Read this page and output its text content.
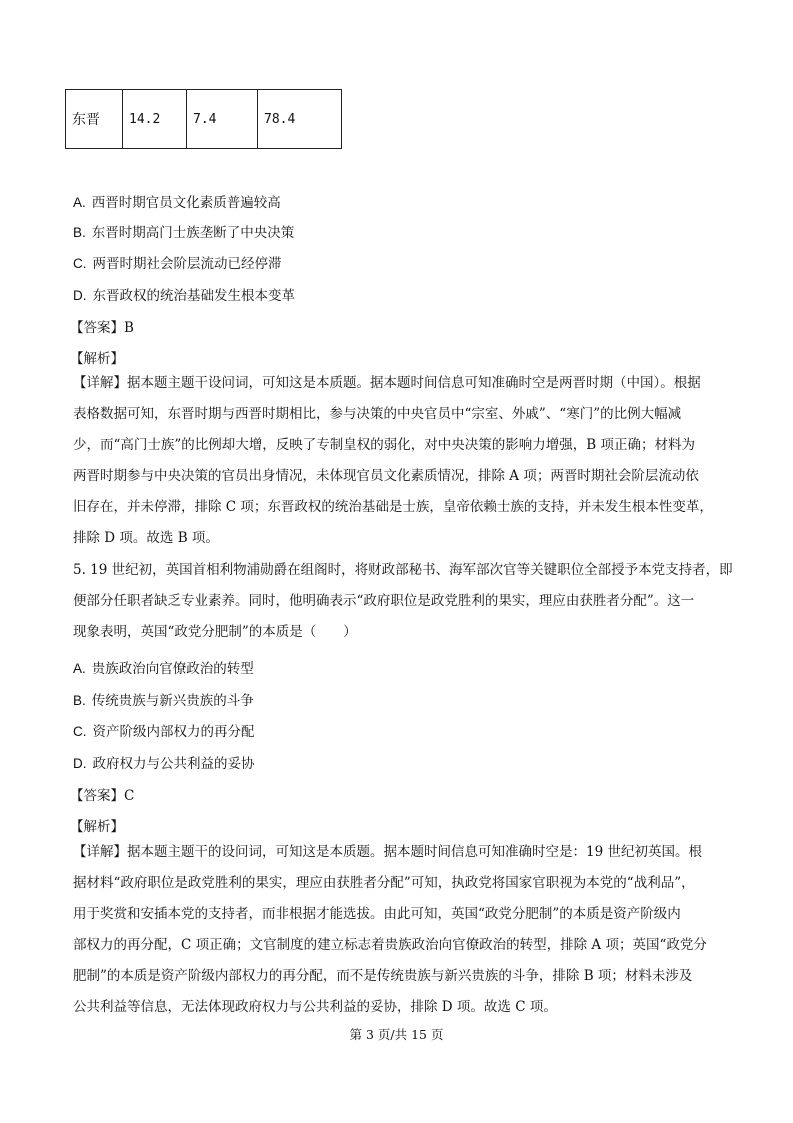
东晋	14.2	7.4	78.4
A. 西晋时期官员文化素质普遍较高
B. 东晋时期高门士族垄断了中央决策
C. 两晋时期社会阶层流动已经停滞
D. 东晋政权的统治基础发生根本变革
【答案】B
【解析】
【详解】据本题主题干设问词，可知这是本质题。据本题时间信息可知准确时空是两晋时期（中国）。根据
表格数据可知，东晋时期与西晋时期相比，参与决策的中央官员中“宗室、外戚”、“寒门”的比例大幅减
少，而“高门士族”的比例却大增，反映了专制皇权的弱化，对中央决策的影响力增强，B 项正确；材料为
两晋时期参与中央决策的官员出身情况，未体现官员文化素质情况，排除 A 项；两晋时期社会阶层流动依
旧存在，并未停滞，排除 C 项；东晋政权的统治基础是士族，皇帝依赖士族的支持，并未发生根本性变革，
排除 D 项。故选 B 项。
5. 19 世纪初，英国首相利物浦勋爵在组阁时，将财政部秘书、海军部次官等关键职位全部授予本党支持者，即
便部分任职者缺乏专业素养。同时，他明确表示“政府职位是政党胜利的果实，理应由获胜者分配”。这一
现象表明，英国“政党分肥制”的本质是（　　）
A. 贵族政治向官僚政治的转型
B. 传统贵族与新兴贵族的斗争
C. 资产阶级内部权力的再分配
D. 政府权力与公共利益的妥协
【答案】C
【解析】
【详解】据本题主题干的设问词，可知这是本质题。据本题时间信息可知准确时空是：19 世纪初英国。根
据材料“政府职位是政党胜利的果实，理应由获胜者分配”可知，执政党将国家官职视为本党的“战利品”，
用于奖赏和安插本党的支持者，而非根据才能选拔。由此可知，英国“政党分肥制”的本质是资产阶级内
部权力的再分配，C 项正确；文官制度的建立标志着贵族政治向官僚政治的转型，排除 A 项；英国“政党分
肥制”的本质是资产阶级内部权力的再分配，而不是传统贵族与新兴贵族的斗争，排除 B 项；材料未涉及
公共利益等信息，无法体现政府权力与公共利益的妥协，排除 D 项。故选 C 项。
第 3 页/共 15 页
